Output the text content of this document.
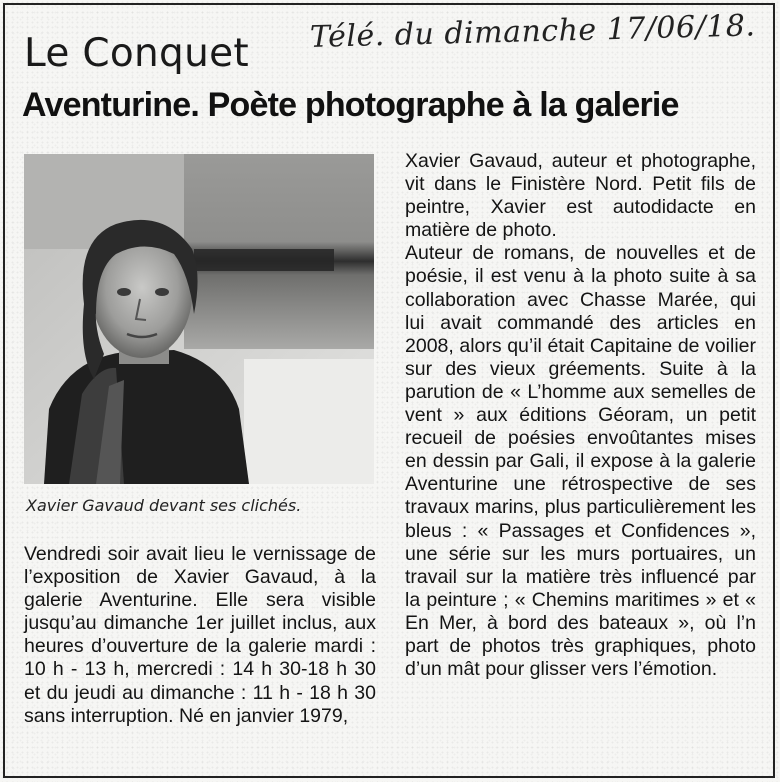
Le Conquet Télé. du dimanche 17/06/18.
Aventurine. Poète photographe à la galerie
Xavier Gavaud devant ses clichés.

Vendredi soir avait lieu le vernissage de l’exposition de Xavier Gavaud, à la galerie Aventurine. Elle sera visible jusqu’au dimanche 1er juillet inclus, aux heures d’ouverture de la galerie mardi : 10 h - 13 h, mercredi : 14 h 30-18 h 30 et du jeudi au dimanche : 11 h - 18 h 30 sans interruption. Né en janvier 1979,

Xavier Gavaud, auteur et photographe, vit dans le Finistère Nord. Petit fils de peintre, Xavier est autodidacte en matière de photo.

Auteur de romans, de nouvelles et de poésie, il est venu à la photo suite à sa collaboration avec Chasse Marée, qui lui avait commandé des articles en 2008, alors qu’il était Capitaine de voilier sur des vieux gréements. Suite à la parution de « L’homme aux semelles de vent » aux éditions Géoram, un petit recueil de poésies envoûtantes mises en dessin par Gali, il expose à la galerie Aventurine une rétrospective de ses travaux marins, plus particulièrement les bleus : « Passages et Confidences », une série sur les murs portuaires, un travail sur la matière très influencé par la peinture ; « Chemins maritimes » et « En Mer, à bord des bateaux », où l’n part de photos très graphiques, photo d’un mât pour glisser vers l’émotion.
